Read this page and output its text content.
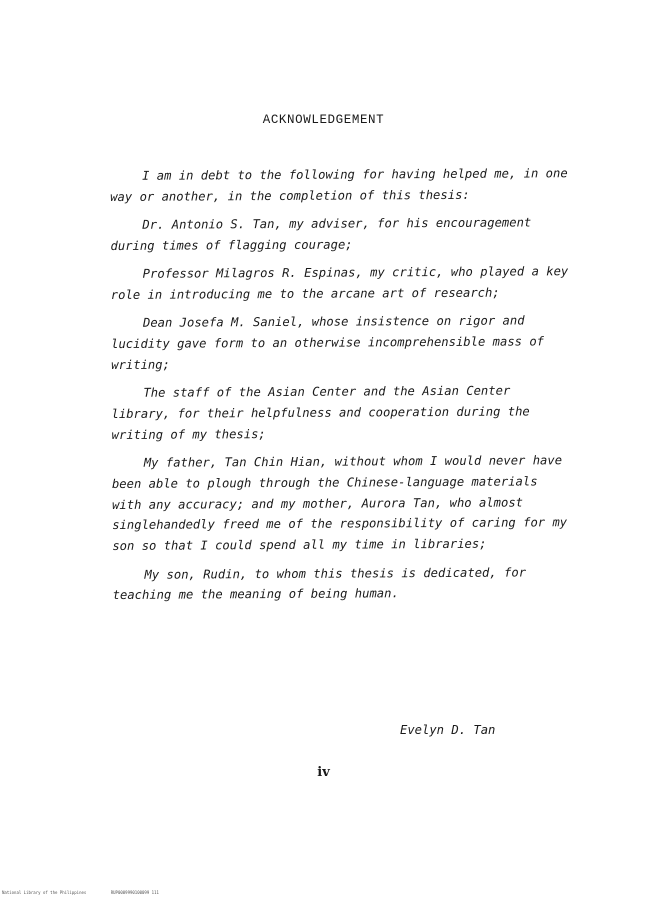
ACKNOWLEDGEMENT

I am in debt to the following for having helped me, in one way or another, in the completion of this thesis:

Dr. Antonio S. Tan, my adviser, for his encouragement during times of flagging courage;

Professor Milagros R. Espinas, my critic, who played a key role in introducing me to the arcane art of research;

Dean Josefa M. Saniel, whose insistence on rigor and lucidity gave form to an otherwise incomprehensible mass of writing;

The staff of the Asian Center and the Asian Center library, for their helpfulness and cooperation during the writing of my thesis;

My father, Tan Chin Hian, without whom I would never have been able to plough through the Chinese-language materials with any accuracy; and my mother, Aurora Tan, who almost singlehandedly freed me of the responsibility of caring for my son so that I could spend all my time in libraries;

My son, Rudin, to whom this thesis is dedicated, for teaching me the meaning of being human.

Evelyn D. Tan
iv
National Library of the Philippines	RUP0009990100099 111
